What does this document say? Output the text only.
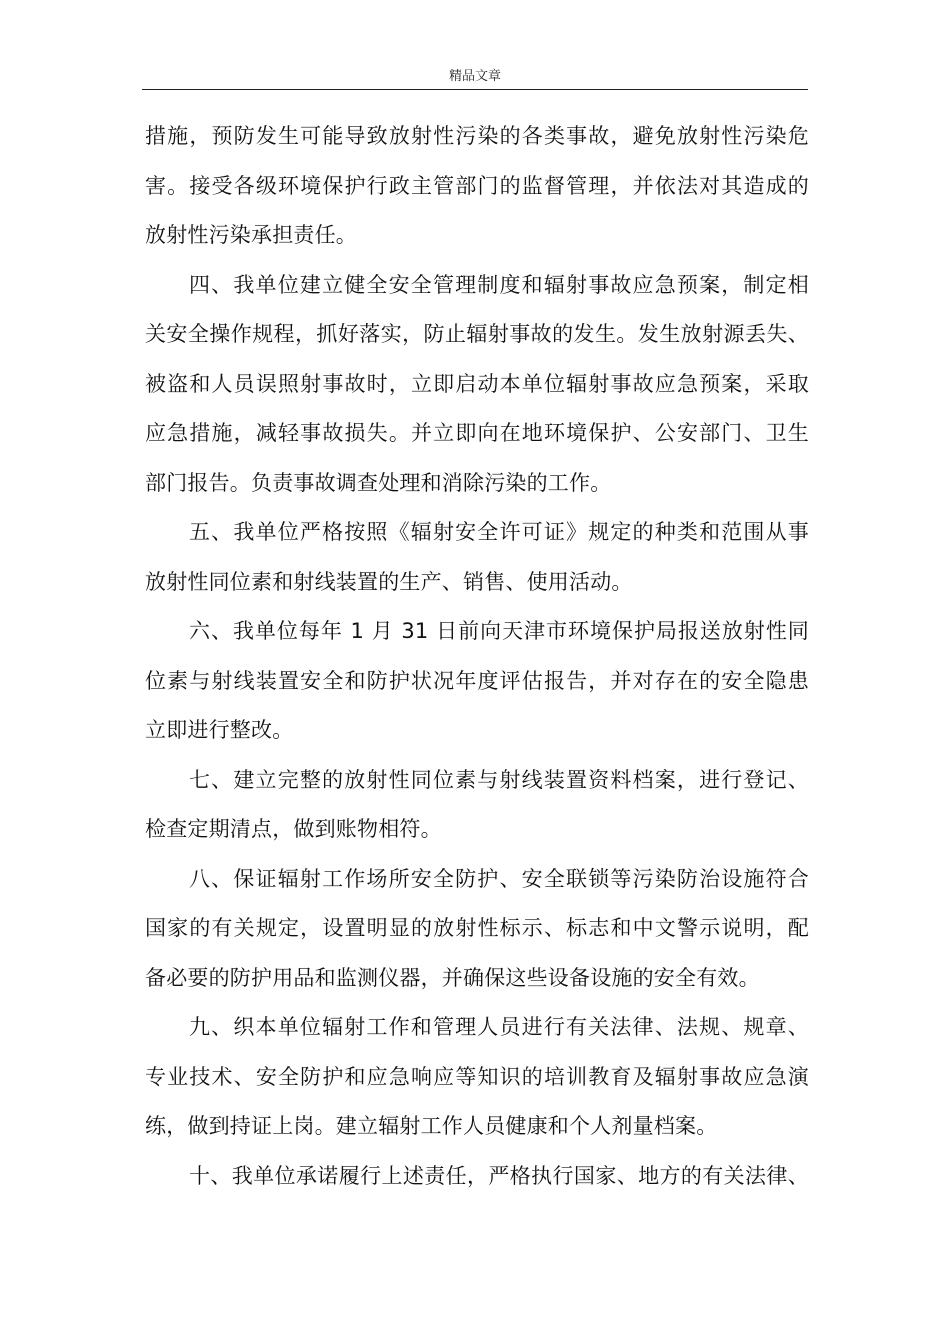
精品文章
措施，预防发生可能导致放射性污染的各类事故，避免放射性污染危
害。接受各级环境保护行政主管部门的监督管理，并依法对其造成的
放射性污染承担责任。
四、我单位建立健全安全管理制度和辐射事故应急预案，制定相
关安全操作规程，抓好落实，防止辐射事故的发生。发生放射源丢失、
被盗和人员误照射事故时，立即启动本单位辐射事故应急预案，采取
应急措施，减轻事故损失。并立即向在地环境保护、公安部门、卫生
部门报告。负责事故调查处理和消除污染的工作。
五、我单位严格按照《辐射安全许可证》规定的种类和范围从事
放射性同位素和射线装置的生产、销售、使用活动。
六、我单位每年 1 月 31 日前向天津市环境保护局报送放射性同
位素与射线装置安全和防护状况年度评估报告，并对存在的安全隐患
立即进行整改。
七、建立完整的放射性同位素与射线装置资料档案，进行登记、
检查定期清点，做到账物相符。
八、保证辐射工作场所安全防护、安全联锁等污染防治设施符合
国家的有关规定，设置明显的放射性标示、标志和中文警示说明，配
备必要的防护用品和监测仪器，并确保这些设备设施的安全有效。
九、织本单位辐射工作和管理人员进行有关法律、法规、规章、
专业技术、安全防护和应急响应等知识的培训教育及辐射事故应急演
练，做到持证上岗。建立辐射工作人员健康和个人剂量档案。
十、我单位承诺履行上述责任，严格执行国家、地方的有关法律、
